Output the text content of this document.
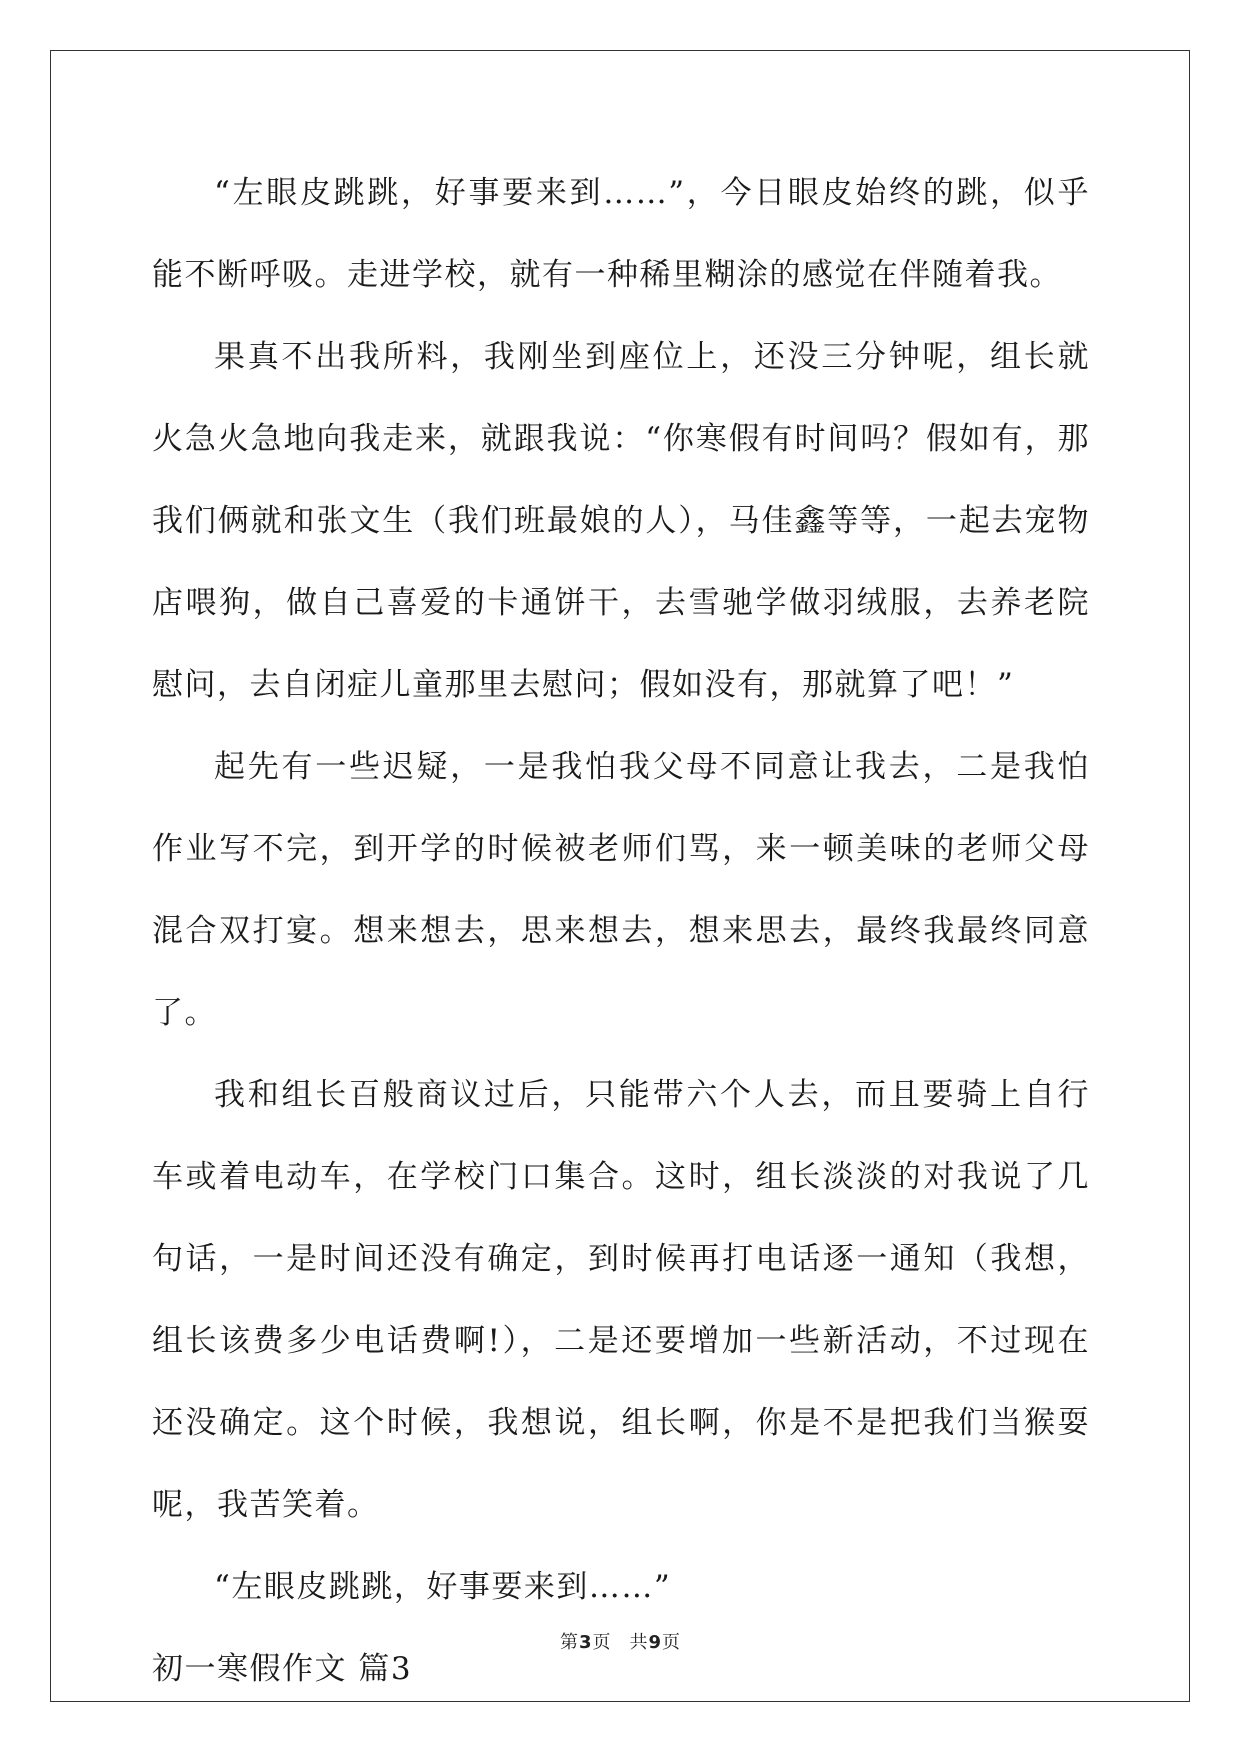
“左眼皮跳跳，好事要来到……”，今日眼皮始终的跳，似乎能不断呼吸。走进学校，就有一种稀里糊涂的感觉在伴随着我。

果真不出我所料，我刚坐到座位上，还没三分钟呢，组长就火急火急地向我走来，就跟我说：“你寒假有时间吗？假如有，那我们俩就和张文生（我们班最娘的人），马佳鑫等等，一起去宠物店喂狗，做自己喜爱的卡通饼干，去雪驰学做羽绒服，去养老院慰问，去自闭症儿童那里去慰问；假如没有，那就算了吧！”

起先有一些迟疑，一是我怕我父母不同意让我去，二是我怕作业写不完，到开学的时候被老师们骂，来一顿美味的老师父母混合双打宴。想来想去，思来想去，想来思去，最终我最终同意了。

我和组长百般商议过后，只能带六个人去，而且要骑上自行车或着电动车，在学校门口集合。这时，组长淡淡的对我说了几句话，一是时间还没有确定，到时候再打电话逐一通知（我想，组长该费多少电话费啊!），二是还要增加一些新活动，不过现在还没确定。这个时候，我想说，组长啊，你是不是把我们当猴耍呢，我苦笑着。

“左眼皮跳跳，好事要来到……”

初一寒假作文 篇3

第3页 共9页
